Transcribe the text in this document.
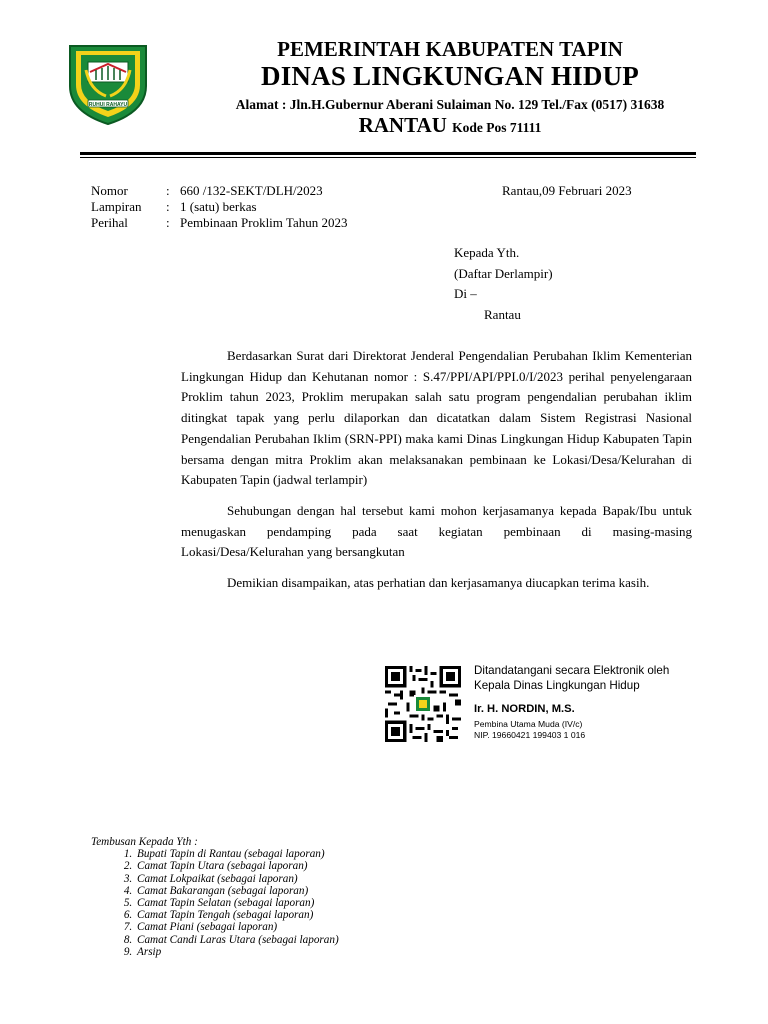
RUHUI RAHAYU
PEMERINTAH KABUPATEN TAPIN
DINAS LINGKUNGAN HIDUP
Alamat : Jln.H.Gubernur Aberani Sulaiman No. 129 Tel./Fax (0517) 31638
RANTAU Kode Pos 71111
Nomor	: 660 /132-SEKT/DLH/2023
Lampiran : 1 (satu) berkas
Perihal	: Pembinaan Proklim Tahun 2023
Rantau,09 Februari 2023
Kepada Yth.
(Daftar Derlampir)
Di –
Rantau

Berdasarkan Surat dari Direktorat Jenderal Pengendalian Perubahan Iklim Kementerian Lingkungan Hidup dan Kehutanan nomor : S.47/PPI/API/PPI.0/I/2023 perihal penyelengaraan Proklim tahun 2023, Proklim merupakan salah satu program pengendalian perubahan iklim ditingkat tapak yang perlu dilaporkan dan dicatatkan dalam Sistem Registrasi Nasional Pengendalian Perubahan Iklim (SRN-PPI) maka kami Dinas Lingkungan Hidup Kabupaten Tapin bersama dengan mitra Proklim akan melaksanakan pembinaan ke Lokasi/Desa/Kelurahan di Kabupaten Tapin (jadwal terlampir)

Sehubungan dengan hal tersebut kami mohon kerjasamanya kepada Bapak/Ibu untuk menugaskan pendamping pada saat kegiatan pembinaan di masing-masing Lokasi/Desa/Kelurahan yang bersangkutan

Demikian disampaikan, atas perhatian dan kerjasamanya diucapkan terima kasih.

Ditandatangani secara Elektronik oleh
Kepala Dinas Lingkungan Hidup
Ir. H. NORDIN, M.S.
Pembina Utama Muda (IV/c)
NIP. 19660421 199403 1 016
Tembusan Kepada Yth :
1. Bupati Tapin di Rantau (sebagai laporan)
2. Camat Tapin Utara (sebagai laporan)
3. Camat Lokpaikat (sebagai laporan)
4. Camat Bakarangan (sebagai laporan)
5. Camat Tapin Selatan (sebagai laporan)
6. Camat Tapin Tengah (sebagai laporan)
7. Camat Piani (sebagai laporan)
8. Camat Candi Laras Utara (sebagai laporan)
9. Arsip
